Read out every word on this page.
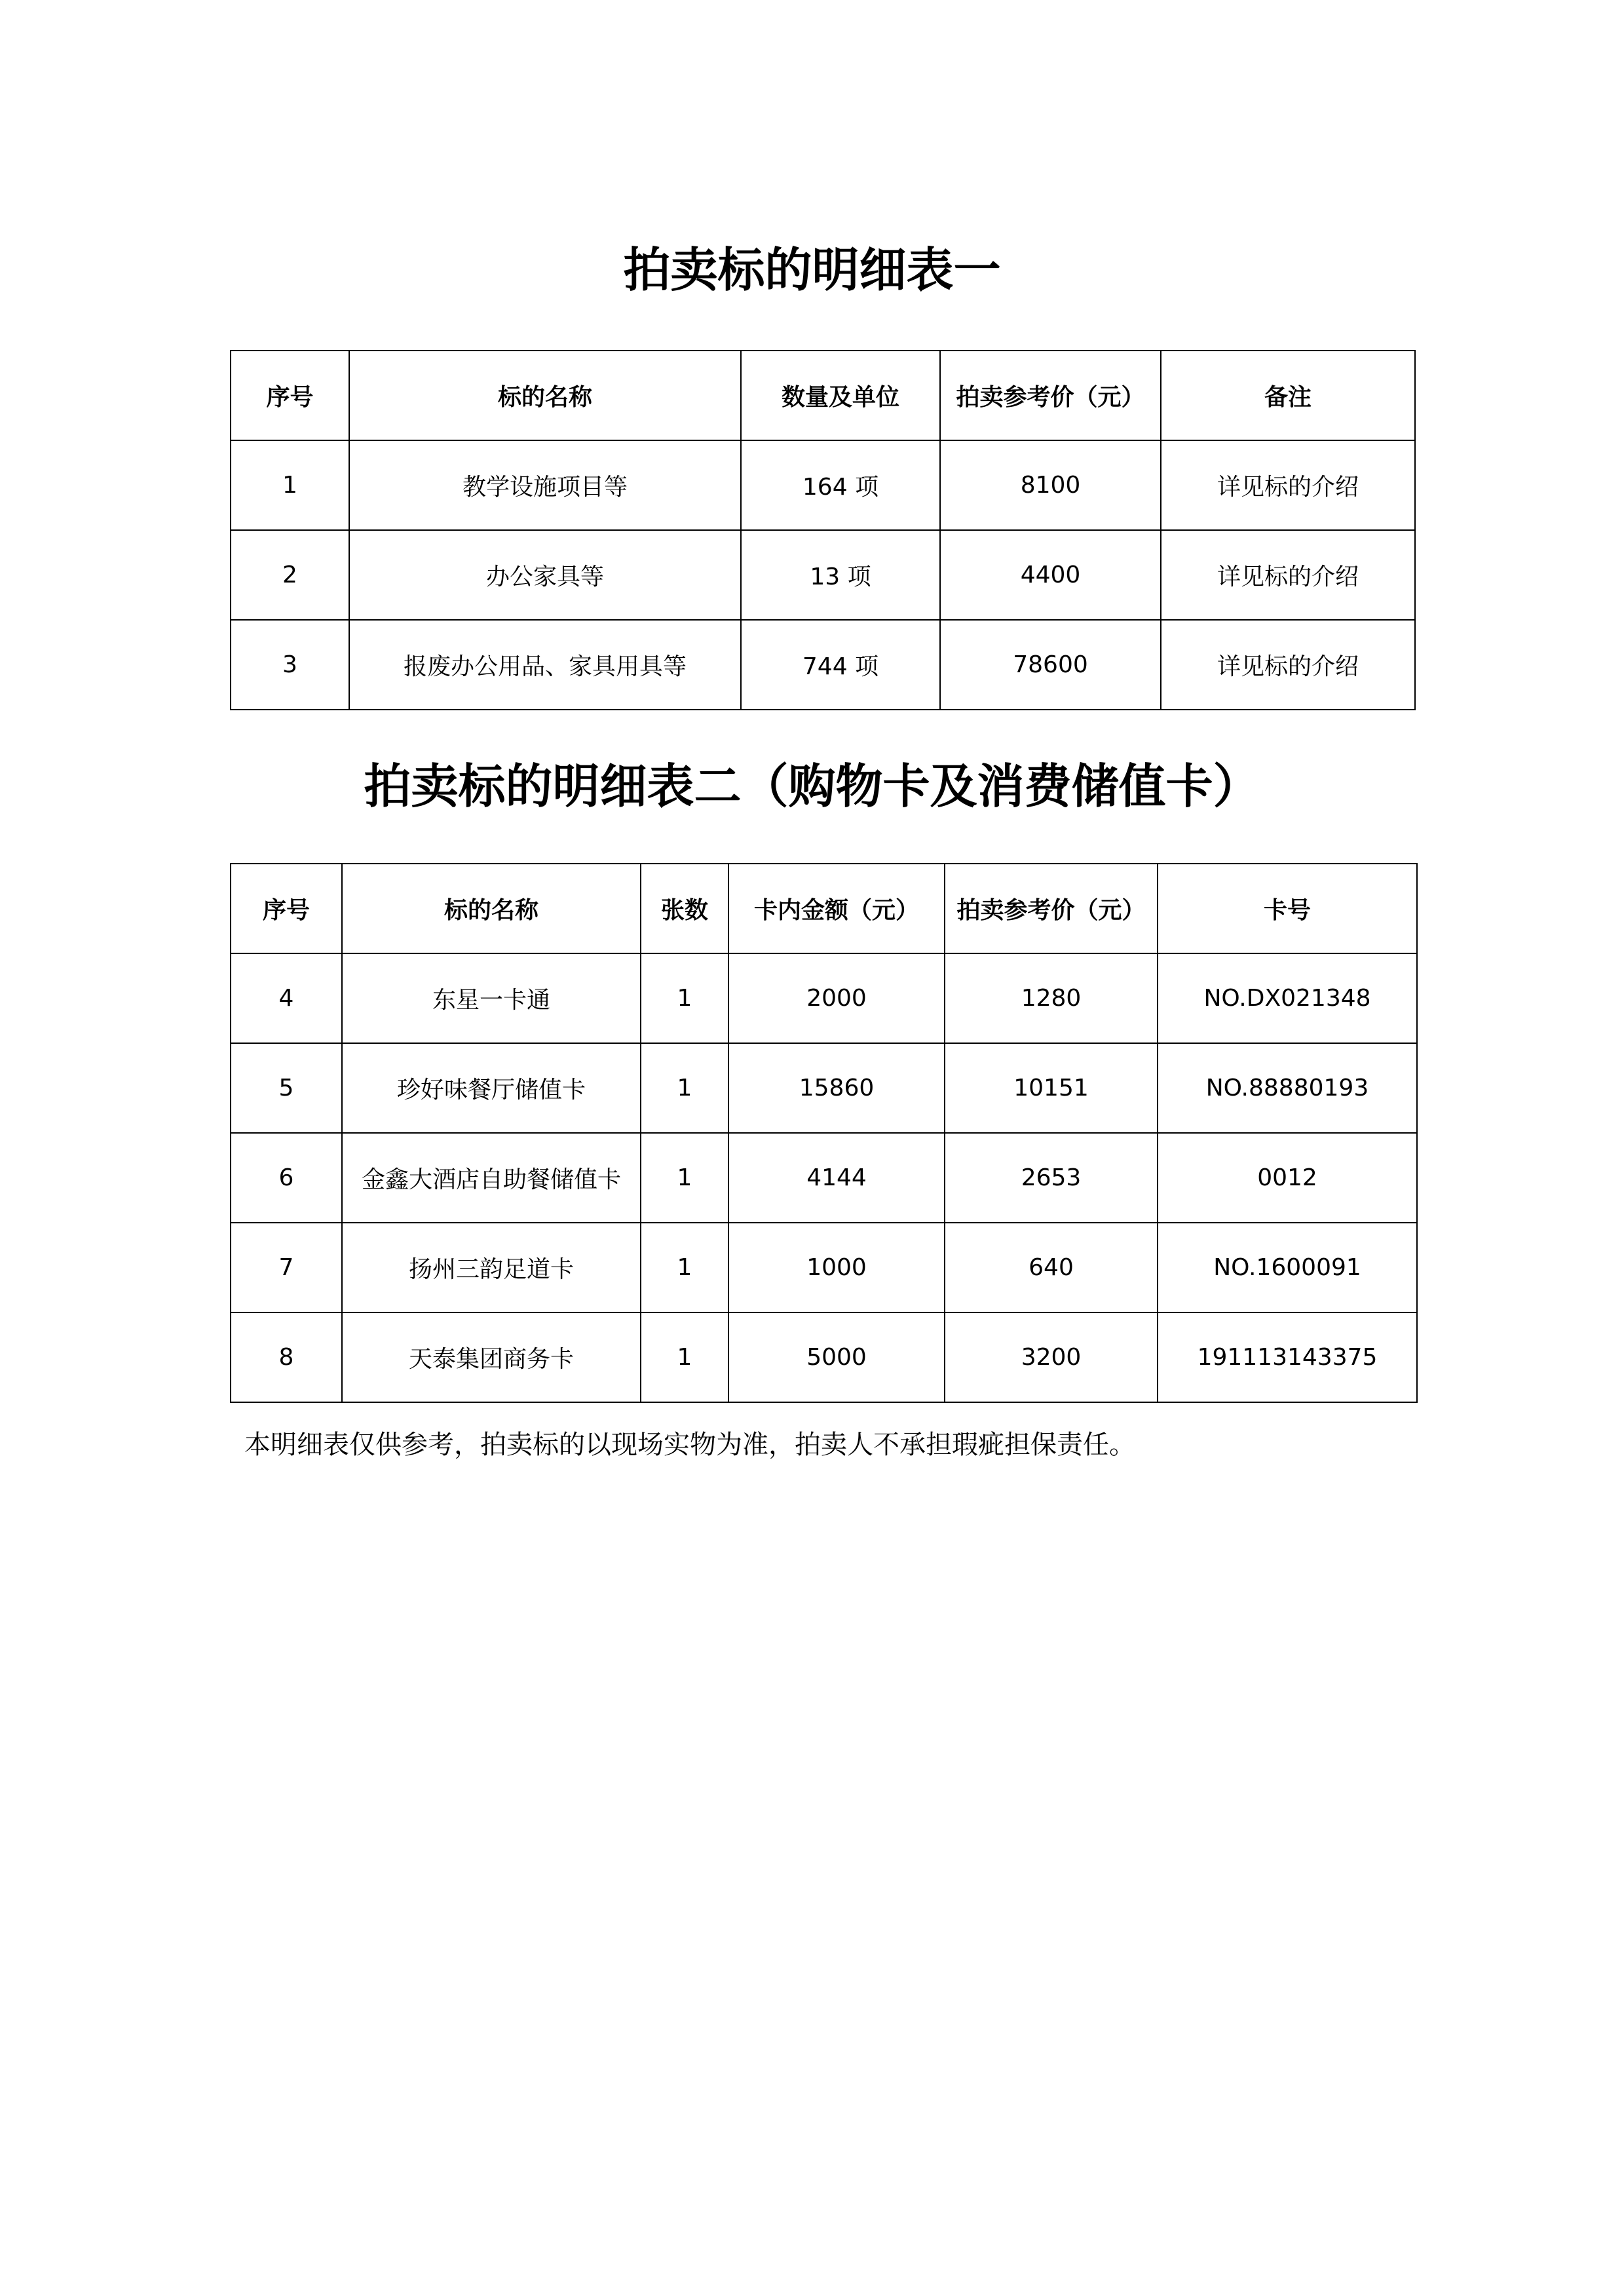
拍卖标的明细表一
序号	标的名称	数量及单位	拍卖参考价（元）	备注
1	教学设施项目等	164 项	8100	详见标的介绍
2	办公家具等	13 项	4400	详见标的介绍
3	报废办公用品、家具用具等	744 项	78600	详见标的介绍
拍卖标的明细表二（购物卡及消费储值卡）
序号	标的名称	张数	卡内金额（元）	拍卖参考价（元）	卡号
4	东星一卡通	1	2000	1280	NO.DX021348
5	珍好味餐厅储值卡	1	15860	10151	NO.88880193
6	金鑫大酒店自助餐储值卡	1	4144	2653	0012
7	扬州三韵足道卡	1	1000	640	NO.1600091
8	天泰集团商务卡	1	5000	3200	191113143375
本明细表仅供参考，拍卖标的以现场实物为准，拍卖人不承担瑕疵担保责任。
